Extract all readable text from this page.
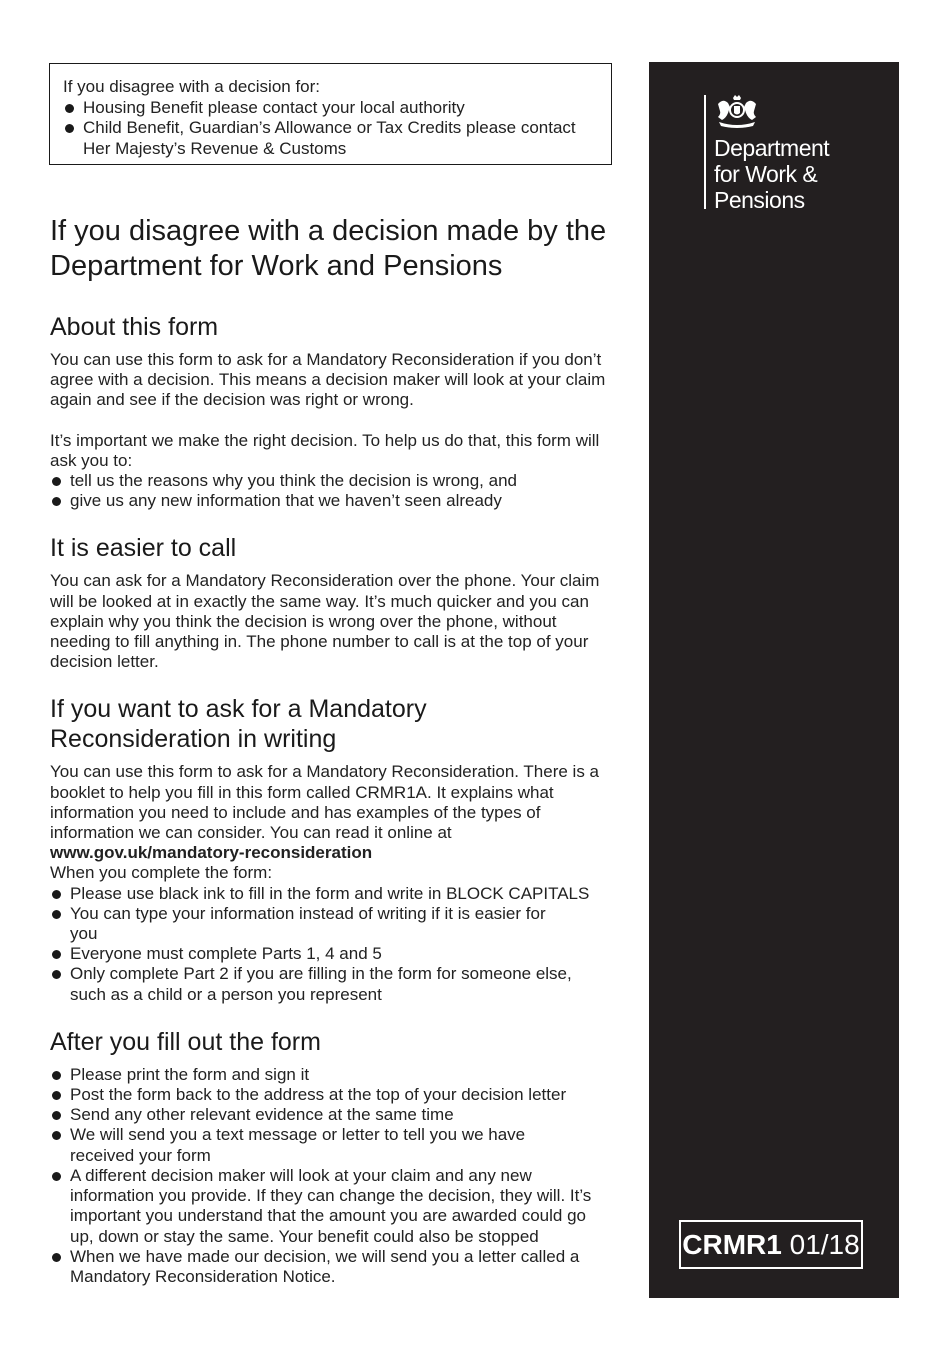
If you disagree with a decision for:

Housing Benefit please contact your local authority
Child Benefit, Guardian’s Allowance or Tax Credits please contact Her Majesty’s Revenue & Customs
If you disagree with a decision made by the Department for Work and Pensions
About this form

You can use this form to ask for a Mandatory Reconsideration if you don’t agree with a decision. This means a decision maker will look at your claim again and see if the decision was right or wrong.

It’s important we make the right decision. To help us do that, this form will ask you to:

tell us the reasons why you think the decision is wrong, and
give us any new information that we haven’t seen already
It is easier to call

You can ask for a Mandatory Reconsideration over the phone. Your claim will be looked at in exactly the same way. It’s much quicker and you can explain why you think the decision is wrong over the phone, without needing to fill anything in. The phone number to call is at the top of your decision letter.

If you want to ask for a Mandatory Reconsideration in writing

You can use this form to ask for a Mandatory Reconsideration. There is a booklet to help you fill in this form called CRMR1A. It explains what information you need to include and has examples of the types of information we can consider. You can read it online at

www.gov.uk/mandatory-reconsideration

When you complete the form:

Please use black ink to fill in the form and write in BLOCK CAPITALS
You can type your information instead of writing if it is easier for you
Everyone must complete Parts 1, 4 and 5
Only complete Part 2 if you are filling in the form for someone else, such as a child or a person you represent
After you fill out the form
Please print the form and sign it
Post the form back to the address at the top of your decision letter
Send any other relevant evidence at the same time
We will send you a text message or letter to tell you we have received your form
A different decision maker will look at your claim and any new information you provide. If they can change the decision, they will. It’s important you understand that the amount you are awarded could go up, down or stay the same. Your benefit could also be stopped
When we have made our decision, we will send you a letter called a Mandatory Reconsideration Notice.
Department
for Work &
Pensions
CRMR1 01/18
